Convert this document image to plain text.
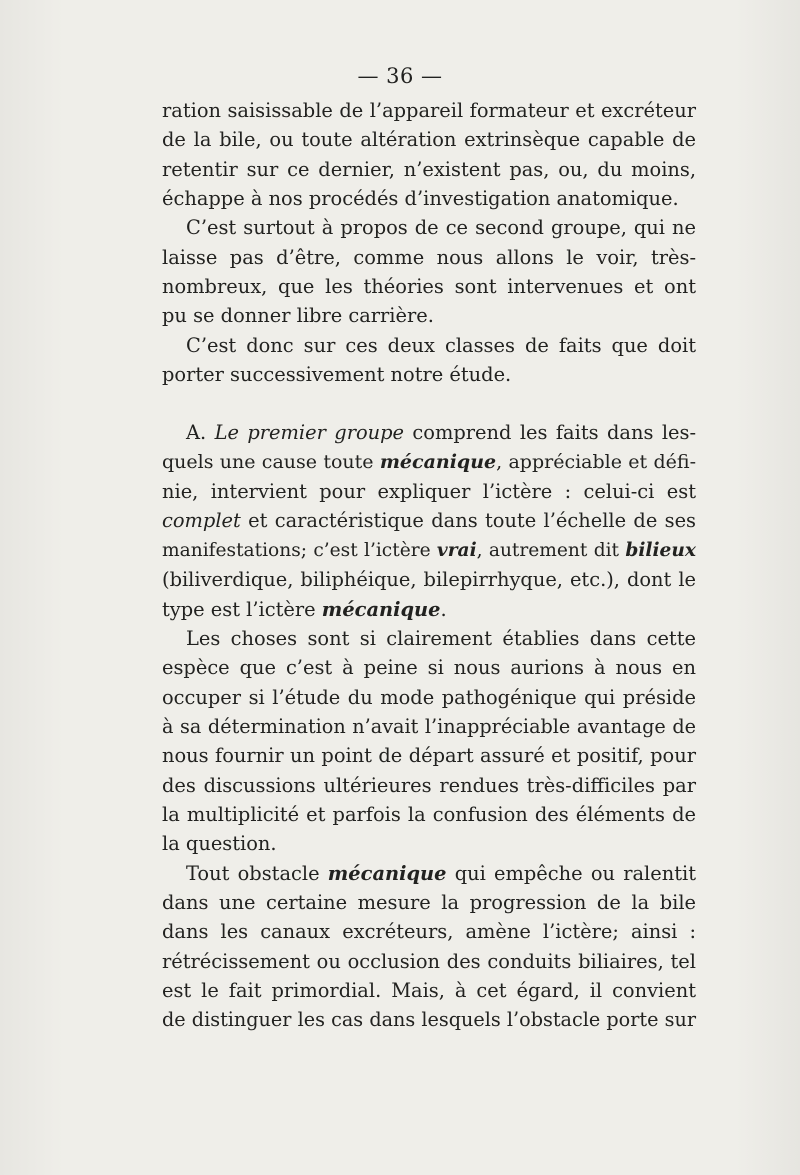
— 36 —
ration saisissable de l’appareil formateur et excréteur
de la bile, ou toute altération extrinsèque capable de
retentir sur ce dernier, n’existent pas, ou, du moins,
échappe à nos procédés d’investigation anatomique.
C’est surtout à propos de ce second groupe, qui ne
laisse pas d’être, comme nous allons le voir, très-
nombreux, que les théories sont intervenues et ont
pu se donner libre carrière.
C’est donc sur ces deux classes de faits que doit
porter successivement notre étude.
A. Le premier groupe comprend les faits dans les-
quels une cause toute mécanique, appréciable et défi-
nie, intervient pour expliquer l’ictère : celui-ci est
complet et caractéristique dans toute l’échelle de ses
manifestations; c’est l’ictère vrai, autrement dit bilieux
(biliverdique, biliphéique, bilepirrhyque, etc.), dont le
type est l’ictère mécanique.
Les choses sont si clairement établies dans cette
espèce que c’est à peine si nous aurions à nous en
occuper si l’étude du mode pathogénique qui préside
à sa détermination n’avait l’inappréciable avantage de
nous fournir un point de départ assuré et positif, pour
des discussions ultérieures rendues très-difficiles par
la multiplicité et parfois la confusion des éléments de
la question.
Tout obstacle mécanique qui empêche ou ralentit
dans une certaine mesure la progression de la bile
dans les canaux excréteurs, amène l’ictère; ainsi :
rétrécissement ou occlusion des conduits biliaires, tel
est le fait primordial. Mais, à cet égard, il convient
de distinguer les cas dans lesquels l’obstacle porte sur
